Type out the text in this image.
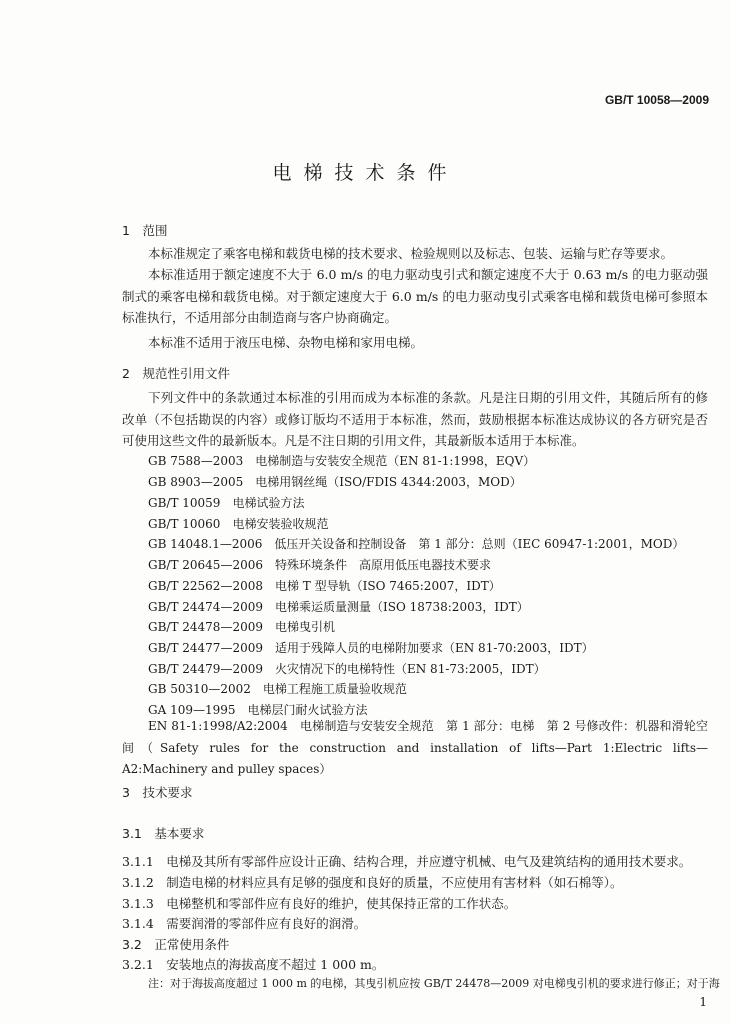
GB/T 10058—2009
电梯技术条件
1　范围
本标准规定了乘客电梯和载货电梯的技术要求、检验规则以及标志、包装、运输与贮存等要求。
本标准适用于额定速度不大于 6.0 m/s 的电力驱动曳引式和额定速度不大于 0.63 m/s 的电力驱动强制式的乘客电梯和载货电梯。对于额定速度大于 6.0 m/s 的电力驱动曳引式乘客电梯和载货电梯可参照本标准执行，不适用部分由制造商与客户协商确定。
本标准不适用于液压电梯、杂物电梯和家用电梯。
2　规范性引用文件
下列文件中的条款通过本标准的引用而成为本标准的条款。凡是注日期的引用文件，其随后所有的修改单（不包括勘误的内容）或修订版均不适用于本标准，然而，鼓励根据本标准达成协议的各方研究是否可使用这些文件的最新版本。凡是不注日期的引用文件，其最新版本适用于本标准。
GB 7588—2003　电梯制造与安装安全规范（EN 81-1:1998，EQV）
GB 8903—2005　电梯用钢丝绳（ISO/FDIS 4344:2003，MOD）
GB/T 10059　电梯试验方法
GB/T 10060　电梯安装验收规范
GB 14048.1—2006　低压开关设备和控制设备　第 1 部分：总则（IEC 60947-1:2001，MOD）
GB/T 20645—2006　特殊环境条件　高原用低压电器技术要求
GB/T 22562—2008　电梯 T 型导轨（ISO 7465:2007，IDT）
GB/T 24474—2009　电梯乘运质量测量（ISO 18738:2003，IDT）
GB/T 24478—2009　电梯曳引机
GB/T 24477—2009　适用于残障人员的电梯附加要求（EN 81-70:2003，IDT）
GB/T 24479—2009　火灾情况下的电梯特性（EN 81-73:2005，IDT）
GB 50310—2002　电梯工程施工质量验收规范
GA 109—1995　电梯层门耐火试验方法
EN 81-1:1998/A2:2004　电梯制造与安装安全规范　第 1 部分：电梯　第 2 号修改件：机器和滑轮空间（Safety rules for the construction and installation of lifts—Part 1:Electric lifts—A2:Machinery and pulley spaces）
3　技术要求
3.1　基本要求
3.1.1　电梯及其所有零部件应设计正确、结构合理，并应遵守机械、电气及建筑结构的通用技术要求。
3.1.2　制造电梯的材料应具有足够的强度和良好的质量，不应使用有害材料（如石棉等）。
3.1.3　电梯整机和零部件应有良好的维护，使其保持正常的工作状态。
3.1.4　需要润滑的零部件应有良好的润滑。
3.2　正常使用条件
3.2.1　安装地点的海拔高度不超过 1 000 m。
注：对于海拔高度超过 1 000 m 的电梯，其曳引机应按 GB/T 24478—2009 对电梯曳引机的要求进行修正；对于海
1
